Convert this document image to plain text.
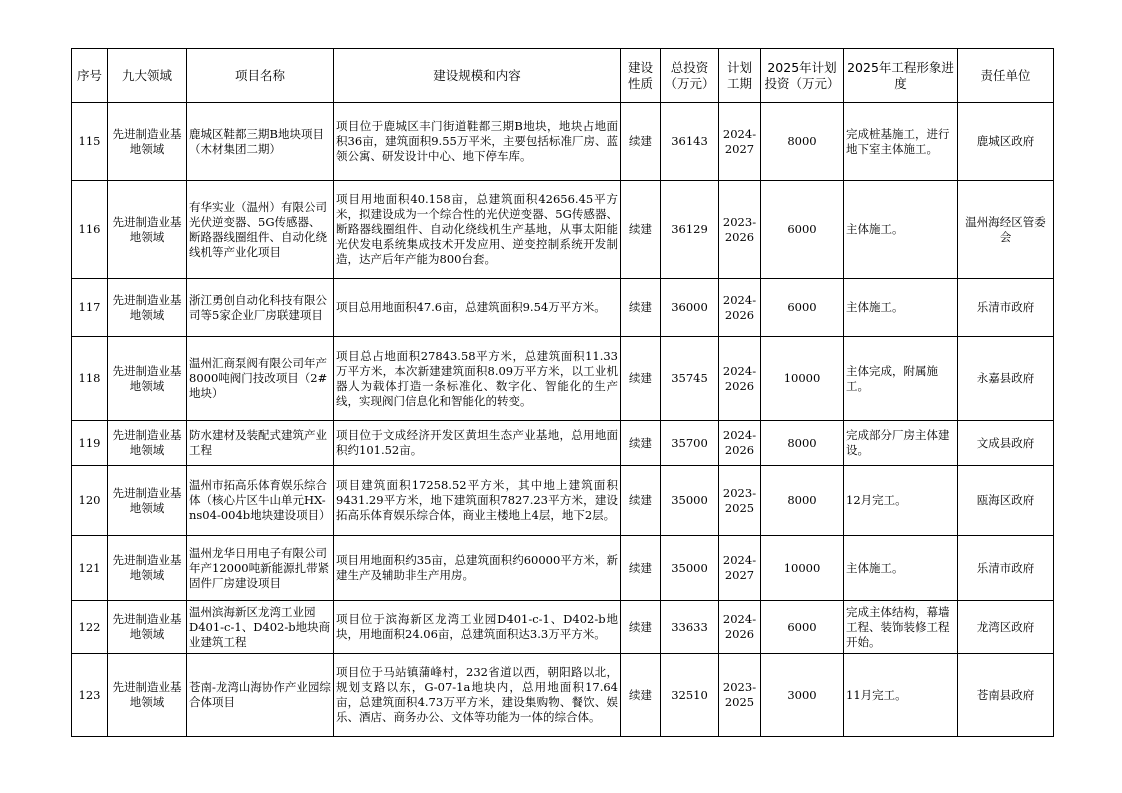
序号	九大领域	项目名称	建设规模和内容	建设性质	总投资（万元）	计划工期	2025年计划投资（万元）	2025年工程形象进度	责任单位
115	先进制造业基地领域	鹿城区鞋都三期B地块项目（木材集团二期）	项目位于鹿城区丰门街道鞋都三期B地块，地块占地面积36亩，建筑面积9.55万平米，主要包括标准厂房、蓝领公寓、研发设计中心、地下停车库。	续建	36143	2024-2027	8000	完成桩基施工，进行地下室主体施工。	鹿城区政府
116	先进制造业基地领域	有华实业（温州）有限公司光伏逆变器、5G传感器、断路器线圈组件、自动化绕线机等产业化项目	项目用地面积40.158亩，总建筑面积42656.45平方米，拟建设成为一个综合性的光伏逆变器、5G传感器、断路器线圈组件、自动化绕线机生产基地，从事太阳能光伏发电系统集成技术开发应用、逆变控制系统开发制造，达产后年产能为800台套。	续建	36129	2023-2026	6000	主体施工。	温州海经区管委会
117	先进制造业基地领域	浙江勇创自动化科技有限公司等5家企业厂房联建项目	项目总用地面积47.6亩，总建筑面积9.54万平方米。	续建	36000	2024-2026	6000	主体施工。	乐清市政府
118	先进制造业基地领域	温州汇商泵阀有限公司年产8000吨阀门技改项目（2#地块）	项目总占地面积27843.58平方米，总建筑面积11.33万平方米，本次新建建筑面积8.09万平方米，以工业机器人为载体打造一条标准化、数字化、智能化的生产线，实现阀门信息化和智能化的转变。	续建	35745	2024-2026	10000	主体完成，附属施工。	永嘉县政府
119	先进制造业基地领域	防水建材及装配式建筑产业工程	项目位于文成经济开发区黄坦生态产业基地，总用地面积约101.52亩。	续建	35700	2024-2026	8000	完成部分厂房主体建设。	文成县政府
120	先进制造业基地领域	温州市拓高乐体育娱乐综合体（核心片区牛山单元HX-ns04-004b地块建设项目）	项目建筑面积17258.52平方米，其中地上建筑面积9431.29平方米，地下建筑面积7827.23平方米，建设拓高乐体育娱乐综合体，商业主楼地上4层，地下2层。	续建	35000	2023-2025	8000	12月完工。	瓯海区政府
121	先进制造业基地领域	温州龙华日用电子有限公司年产12000吨新能源扎带紧固件厂房建设项目	项目用地面积约35亩，总建筑面积约60000平方米，新建生产及辅助非生产用房。	续建	35000	2024-2027	10000	主体施工。	乐清市政府
122	先进制造业基地领域	温州滨海新区龙湾工业园D401-c-1、D402-b地块商业建筑工程	项目位于滨海新区龙湾工业园D401-c-1、D402-b地块，用地面积24.06亩，总建筑面积达3.3万平方米。	续建	33633	2024-2026	6000	完成主体结构，幕墙工程、装饰装修工程开始。	龙湾区政府
123	先进制造业基地领域	苍南-龙湾山海协作产业园综合体项目	项目位于马站镇蒲峰村，232省道以西，朝阳路以北，规划支路以东，G-07-1a地块内，总用地面积17.64亩，总建筑面积4.73万平方米，建设集购物、餐饮、娱乐、酒店、商务办公、文体等功能为一体的综合体。	续建	32510	2023-2025	3000	11月完工。	苍南县政府
